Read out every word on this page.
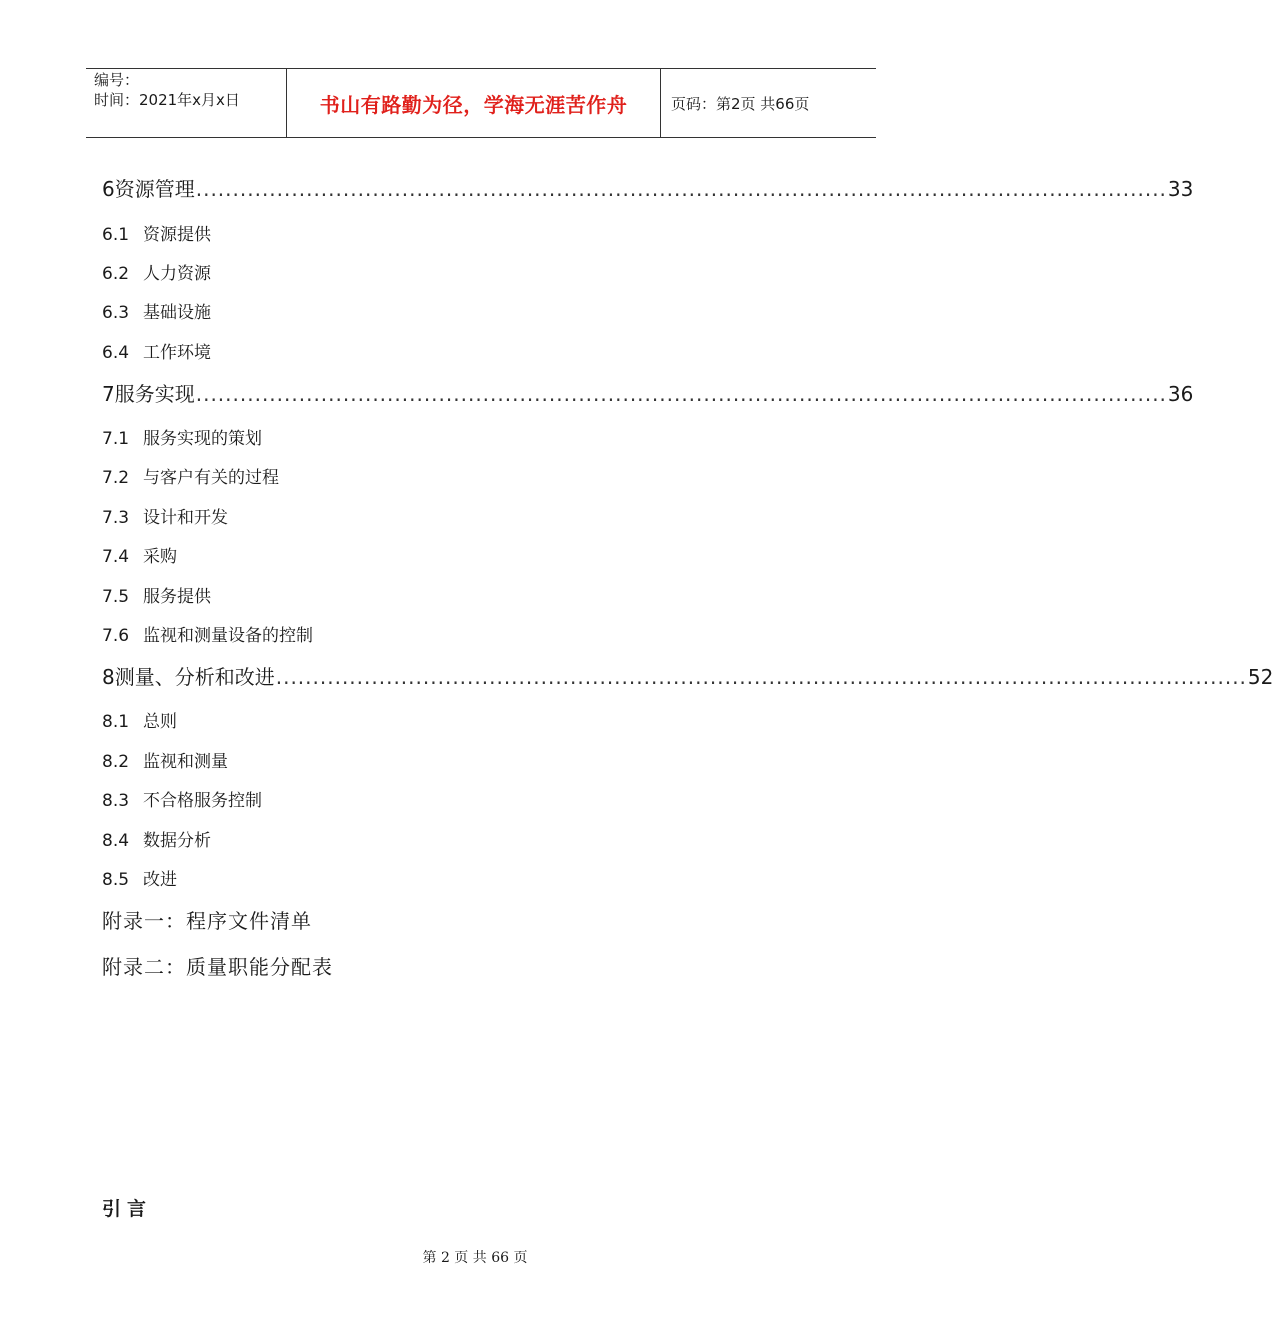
编号：
时间：2021年x月x日	书山有路勤为径，学海无涯苦作舟	页码：第2页 共66页
6 资源管理 .................................................................................................................................... 33
6.1 资源提供
6.2 人力资源
6.3 基础设施
6.4 工作环境
7 服务实现 .................................................................................................................................... 36
7.1 服务实现的策划
7.2 与客户有关的过程
7.3 设计和开发
7.4 采购
7.5 服务提供
7.6 监视和测量设备的控制
8 测量、分析和改进 .................................................................................................................................... 52
8.1 总则
8.2 监视和测量
8.3 不合格服务控制
8.4 数据分析
8.5 改进
附录一：程序文件清单
附录二：质量职能分配表
引言
第 2 页 共 66 页
